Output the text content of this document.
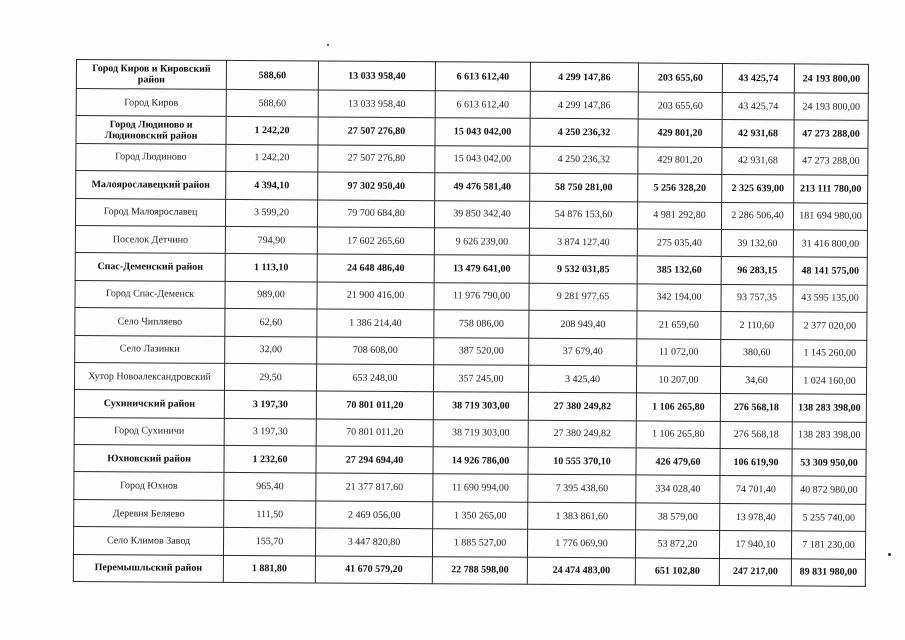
Город Киров и Кировский район	588,60	13 033 958,40	6 613 612,40	4 299 147,86	203 655,60	43 425,74	24 193 800,00
Город Киров	588,60	13 033 958,40	6 613 612,40	4 299 147,86	203 655,60	43 425,74	24 193 800,00
Город Людиново и Людиновский район	1 242,20	27 507 276,80	15 043 042,00	4 250 236,32	429 801,20	42 931,68	47 273 288,00
Город Людиново	1 242,20	27 507 276,80	15 043 042,00	4 250 236,32	429 801,20	42 931,68	47 273 288,00
Малоярославецкий район	4 394,10	97 302 950,40	49 476 581,40	58 750 281,00	5 256 328,20	2 325 639,00	213 111 780,00
Город Малоярославец	3 599,20	79 700 684,80	39 850 342,40	54 876 153,60	4 981 292,80	2 286 506,40	181 694 980,00
Поселок Детчино	794,90	17 602 265,60	9 626 239,00	3 874 127,40	275 035,40	39 132,60	31 416 800,00
Спас-Деменский район	1 113,10	24 648 486,40	13 479 641,00	9 532 031,85	385 132,60	96 283,15	48 141 575,00
Город Спас-Деменск	989,00	21 900 416,00	11 976 790,00	9 281 977,65	342 194,00	93 757,35	43 595 135,00
Село Чипляево	62,60	1 386 214,40	758 086,00	208 949,40	21 659,60	2 110,60	2 377 020,00
Село Лазинки	32,00	708 608,00	387 520,00	37 679,40	11 072,00	380,60	1 145 260,00
Хутор Новоалександровский	29,50	653 248,00	357 245,00	3 425,40	10 207,00	34,60	1 024 160,00
Сухиничский район	3 197,30	70 801 011,20	38 719 303,00	27 380 249,82	1 106 265,80	276 568,18	138 283 398,00
Город Сухиничи	3 197,30	70 801 011,20	38 719 303,00	27 380 249,82	1 106 265,80	276 568,18	138 283 398,00
Юхновский район	1 232,60	27 294 694,40	14 926 786,00	10 555 370,10	426 479,60	106 619,90	53 309 950,00
Город Юхнов	965,40	21 377 817,60	11 690 994,00	7 395 438,60	334 028,40	74 701,40	40 872 980,00
Деревня Беляево	111,50	2 469 056,00	1 350 265,00	1 383 861,60	38 579,00	13 978,40	5 255 740,00
Село Климов Завод	155,70	3 447 820,80	1 885 527,00	1 776 069,90	53 872,20	17 940,10	7 181 230,00
Перемышльский район	1 881,80	41 670 579,20	22 788 598,00	24 474 483,00	651 102,80	247 217,00	89 831 980,00
